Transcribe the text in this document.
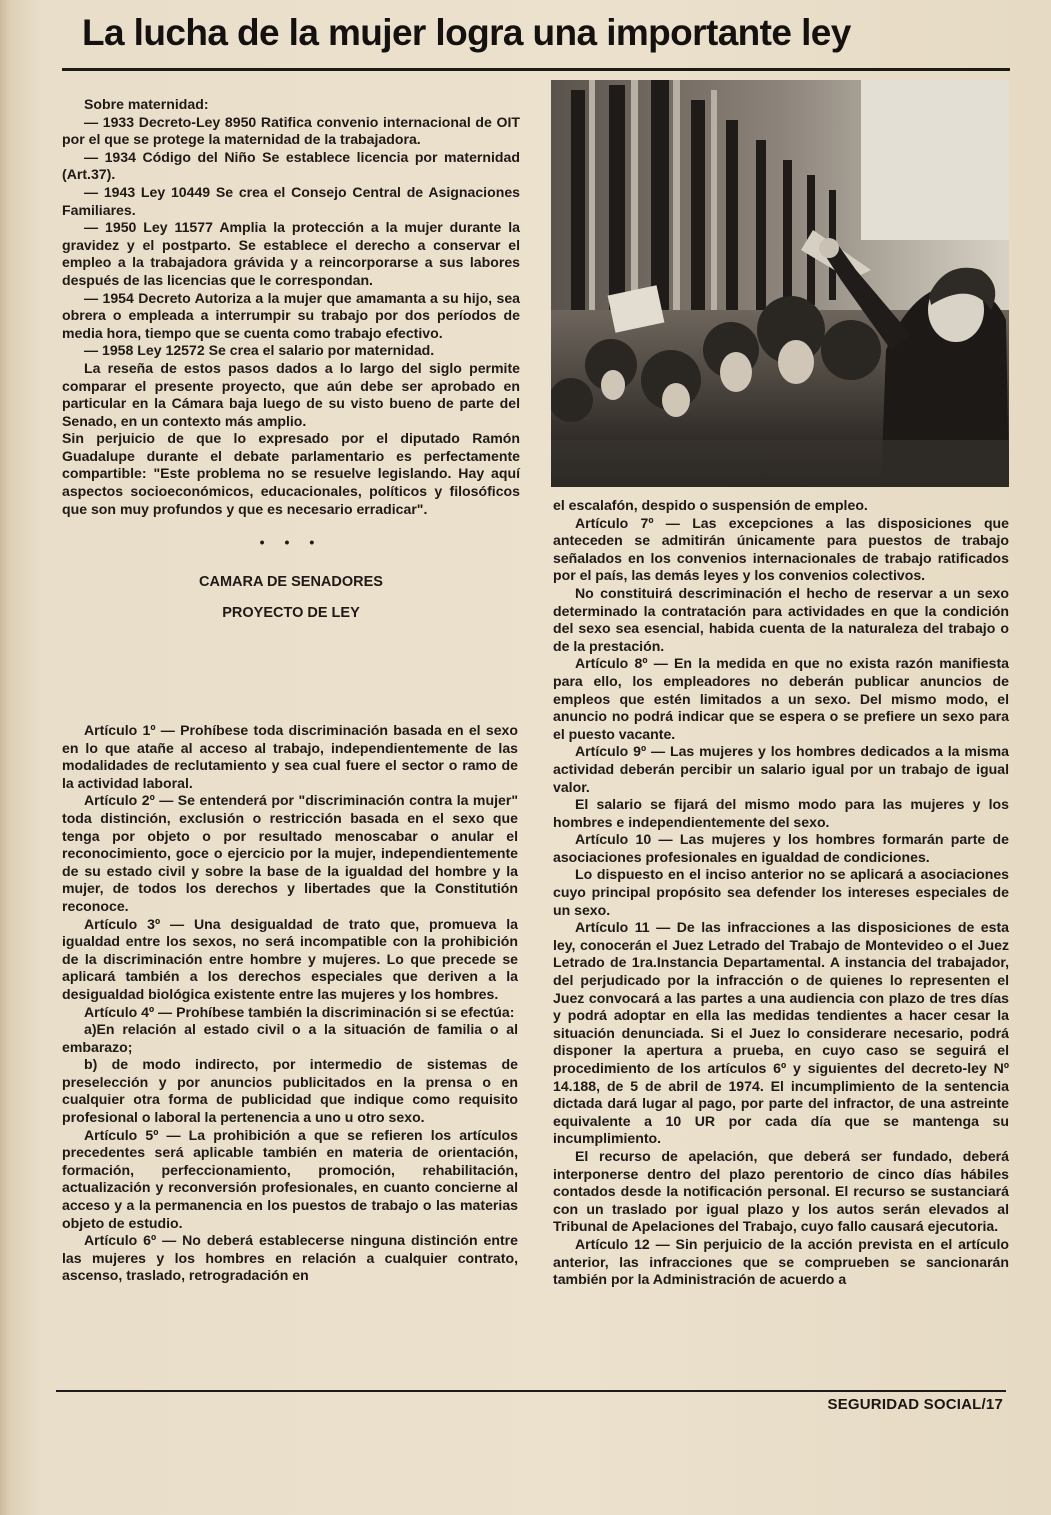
La lucha de la mujer logra una importante ley

Sobre maternidad:

— 1933 Decreto-Ley 8950 Ratifica convenio internacional de OIT por el que se protege la maternidad de la trabajadora.

— 1934 Código del Niño Se establece licencia por maternidad (Art.37).

— 1943 Ley 10449 Se crea el Consejo Central de Asignaciones Familiares.

— 1950 Ley 11577 Amplia la protección a la mujer durante la gravidez y el postparto. Se establece el derecho a conservar el empleo a la trabajadora grávida y a reincorporarse a sus labores después de las licencias que le correspondan.

— 1954 Decreto Autoriza a la mujer que amamanta a su hijo, sea obrera o empleada a interrumpir su trabajo por dos períodos de media hora, tiempo que se cuenta como trabajo efectivo.

— 1958 Ley 12572 Se crea el salario por maternidad.

La reseña de estos pasos dados a lo largo del siglo permite comparar el presente proyecto, que aún debe ser aprobado en particular en la Cámara baja luego de su visto bueno de parte del Senado, en un contexto más amplio.

Sin perjuicio de que lo expresado por el diputado Ramón Guadalupe durante el debate parlamentario es perfectamente compartible: "Este problema no se resuelve legislando. Hay aquí aspectos socioeconómicos, educacionales, políticos y filosóficos que son muy profundos y que es necesario erradicar".

• • •

CAMARA DE SENADORES

PROYECTO DE LEY

Artículo 1º — Prohíbese toda discriminación basada en el sexo en lo que atañe al acceso al trabajo, independientemente de las modalidades de reclutamiento y sea cual fuere el sector o ramo de la actividad laboral.

Artículo 2º — Se entenderá por "discriminación contra la mujer" toda distinción, exclusión o restricción basada en el sexo que tenga por objeto o por resultado menoscabar o anular el reconocimiento, goce o ejercicio por la mujer, independientemente de su estado civil y sobre la base de la igualdad del hombre y la mujer, de todos los derechos y libertades que la Constitutión reconoce.

Artículo 3º — Una desigualdad de trato que, promueva la igualdad entre los sexos, no será incompatible con la prohibición de la discriminación entre hombre y mujeres. Lo que precede se aplicará también a los derechos especiales que deriven a la desigualdad biológica existente entre las mujeres y los hombres.

Artículo 4º — Prohíbese también la discriminación si se efectúa:

a)En relación al estado civil o a la situación de familia o al embarazo;

b) de modo indirecto, por intermedio de sistemas de preselección y por anuncios publicitados en la prensa o en cualquier otra forma de publicidad que indique como requisito profesional o laboral la pertenencia a uno u otro sexo.

Artículo 5º — La prohibición a que se refieren los artículos precedentes será aplicable también en materia de orientación, formación, perfeccionamiento, promoción, rehabilitación, actualización y reconversión profesionales, en cuanto concierne al acceso y a la permanencia en los puestos de trabajo o las materias objeto de estudio.

Artículo 6º — No deberá establecerse ninguna distinción entre las mujeres y los hombres en relación a cualquier contrato, ascenso, traslado, retrogradación en

el escalafón, despido o suspensión de empleo.

Artículo 7º — Las excepciones a las disposiciones que anteceden se admitirán únicamente para puestos de trabajo señalados en los convenios internacionales de trabajo ratificados por el país, las demás leyes y los convenios colectivos.

No constituirá descriminación el hecho de reservar a un sexo determinado la contratación para actividades en que la condición del sexo sea esencial, habida cuenta de la naturaleza del trabajo o de la prestación.

Artículo 8º — En la medida en que no exista razón manifiesta para ello, los empleadores no deberán publicar anuncios de empleos que estén limitados a un sexo. Del mismo modo, el anuncio no podrá indicar que se espera o se prefiere un sexo para el puesto vacante.

Artículo 9º — Las mujeres y los hombres dedicados a la misma actividad deberán percibir un salario igual por un trabajo de igual valor.

El salario se fijará del mismo modo para las mujeres y los hombres e independientemente del sexo.

Artículo 10 — Las mujeres y los hombres formarán parte de asociaciones profesionales en igualdad de condiciones.

Lo dispuesto en el inciso anterior no se aplicará a asociaciones cuyo principal propósito sea defender los intereses especiales de un sexo.

Artículo 11 — De las infracciones a las disposiciones de esta ley, conocerán el Juez Letrado del Trabajo de Montevideo o el Juez Letrado de 1ra.Instancia Departamental. A instancia del trabajador, del perjudicado por la infracción o de quienes lo representen el Juez convocará a las partes a una audiencia con plazo de tres días y podrá adoptar en ella las medidas tendientes a hacer cesar la situación denunciada. Si el Juez lo considerare necesario, podrá disponer la apertura a prueba, en cuyo caso se seguirá el procedimiento de los artículos 6º y siguientes del decreto-ley Nº 14.188, de 5 de abril de 1974. El incumplimiento de la sentencia dictada dará lugar al pago, por parte del infractor, de una astreinte equivalente a 10 UR por cada día que se mantenga su incumplimiento.

El recurso de apelación, que deberá ser fundado, deberá interponerse dentro del plazo perentorio de cinco días hábiles contados desde la notificación personal. El recurso se sustanciará con un traslado por igual plazo y los autos serán elevados al Tribunal de Apelaciones del Trabajo, cuyo fallo causará ejecutoria.

Artículo 12 — Sin perjuicio de la acción prevista en el artículo anterior, las infracciones que se comprueben se sancionarán también por la Administración de acuerdo a

SEGURIDAD SOCIAL/17
